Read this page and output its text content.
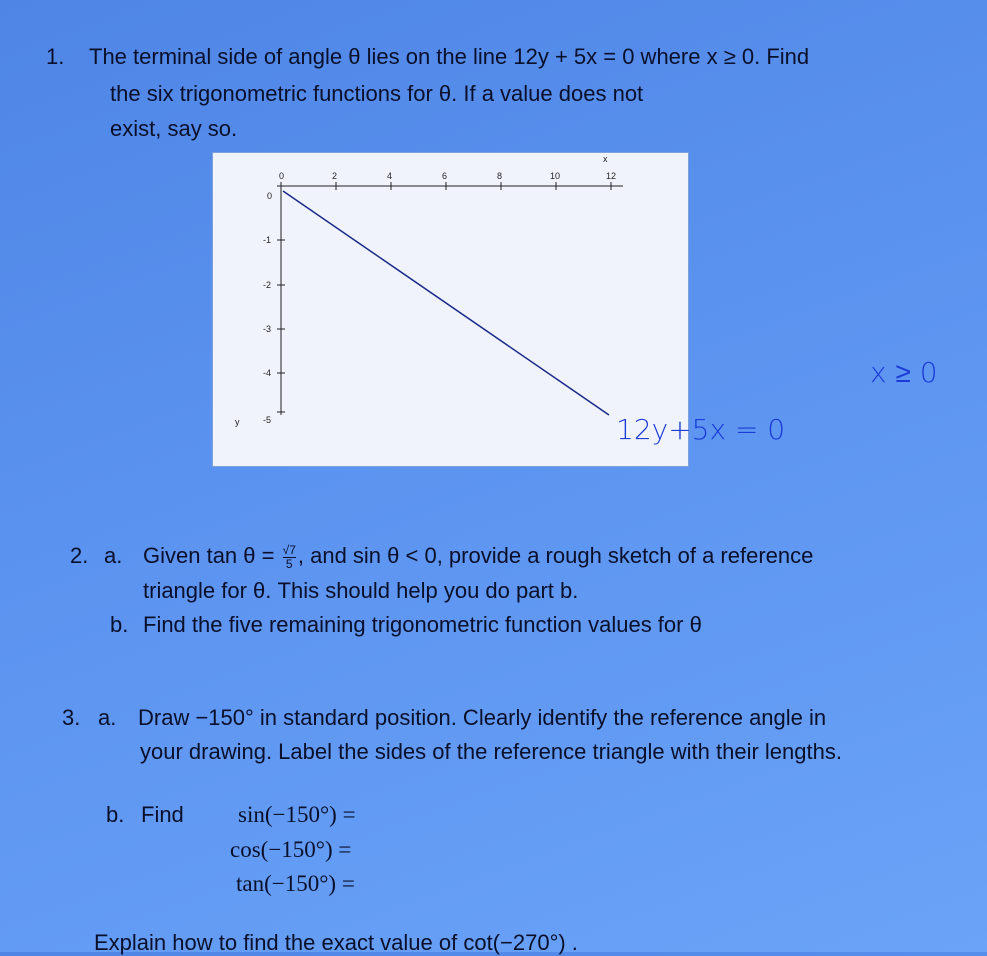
1. The terminal side of angle θ lies on the line 12y + 5x = 0 where x ≥ 0. Find
the six trigonometric functions for θ. If a value does not
exist, say so.
0	2	4	6	8	10	12
x
0
-1
-2
-3
-4
-5
y
x ≥ 0
12y+5x = 0
2. a. Given $\tan \theta = \frac{√7}{5}$ , and sin θ < 0, provide a rough sketch of a reference
triangle for θ. This should help you do part b.
b. Find the five remaining trigonometric function values for θ
3. a. Draw −150° in standard position. Clearly identify the reference angle in
your drawing. Label the sides of the reference triangle with their lengths.
b. Find sin(−150°) =
cos(−150°) =
tan(−150°) =
Explain how to find the exact value of cot(−270°) .
